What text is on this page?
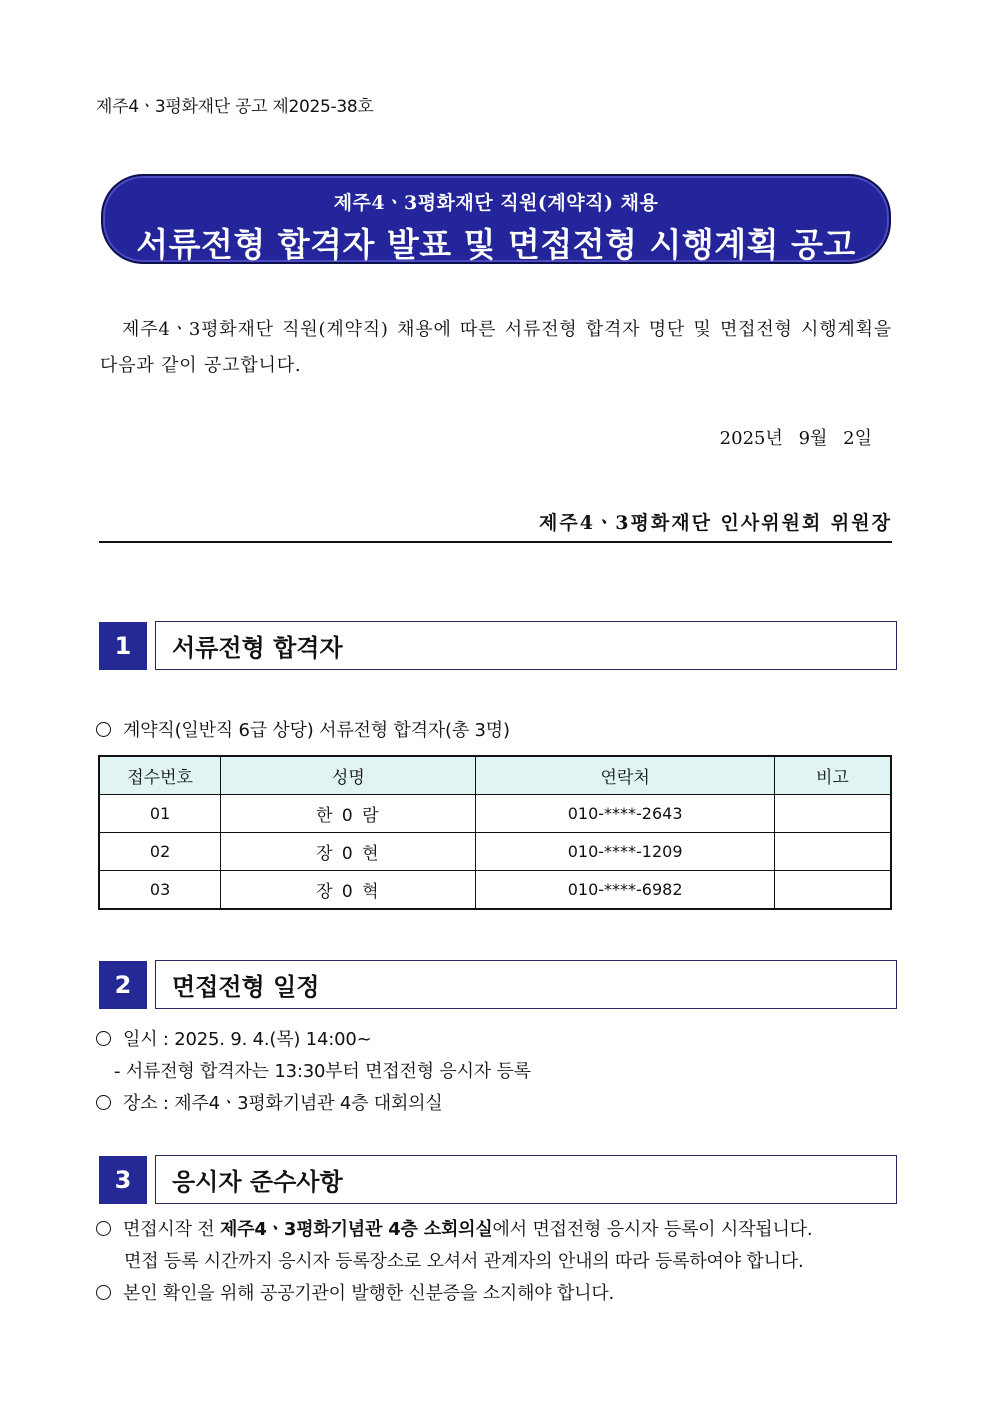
제주4ㆍ3평화재단 공고 제2025-38호
제주4ㆍ3평화재단 직원(계약직) 채용
서류전형 합격자 발표 및 면접전형 시행계획 공고
제주4ㆍ3평화재단 직원(계약직) 채용에 따른 서류전형 합격자 명단 및 면접전형 시행계획을 다음과 같이 공고합니다.
2025년 9월 2일
제주4ㆍ3평화재단 인사위원회 위원장
1	서류전형 합격자
계약직(일반직 6급 상당) 서류전형 합격자(총 3명)
접수번호	성명	연락처	비고
01	한 0 람	010-****-2643	
02	장 0 현	010-****-1209	
03	장 0 혁	010-****-6982	
2	면접전형 일정
일시 : 2025. 9. 4.(목) 14:00~
- 서류전형 합격자는 13:30부터 면접전형 응시자 등록
장소 : 제주4ㆍ3평화기념관 4층 대회의실
3	응시자 준수사항
면접시작 전 제주4ㆍ3평화기념관 4층 소회의실에서 면접전형 응시자 등록이 시작됩니다.
면접 등록 시간까지 응시자 등록장소로 오셔서 관계자의 안내의 따라 등록하여야 합니다.
본인 확인을 위해 공공기관이 발행한 신분증을 소지해야 합니다.
